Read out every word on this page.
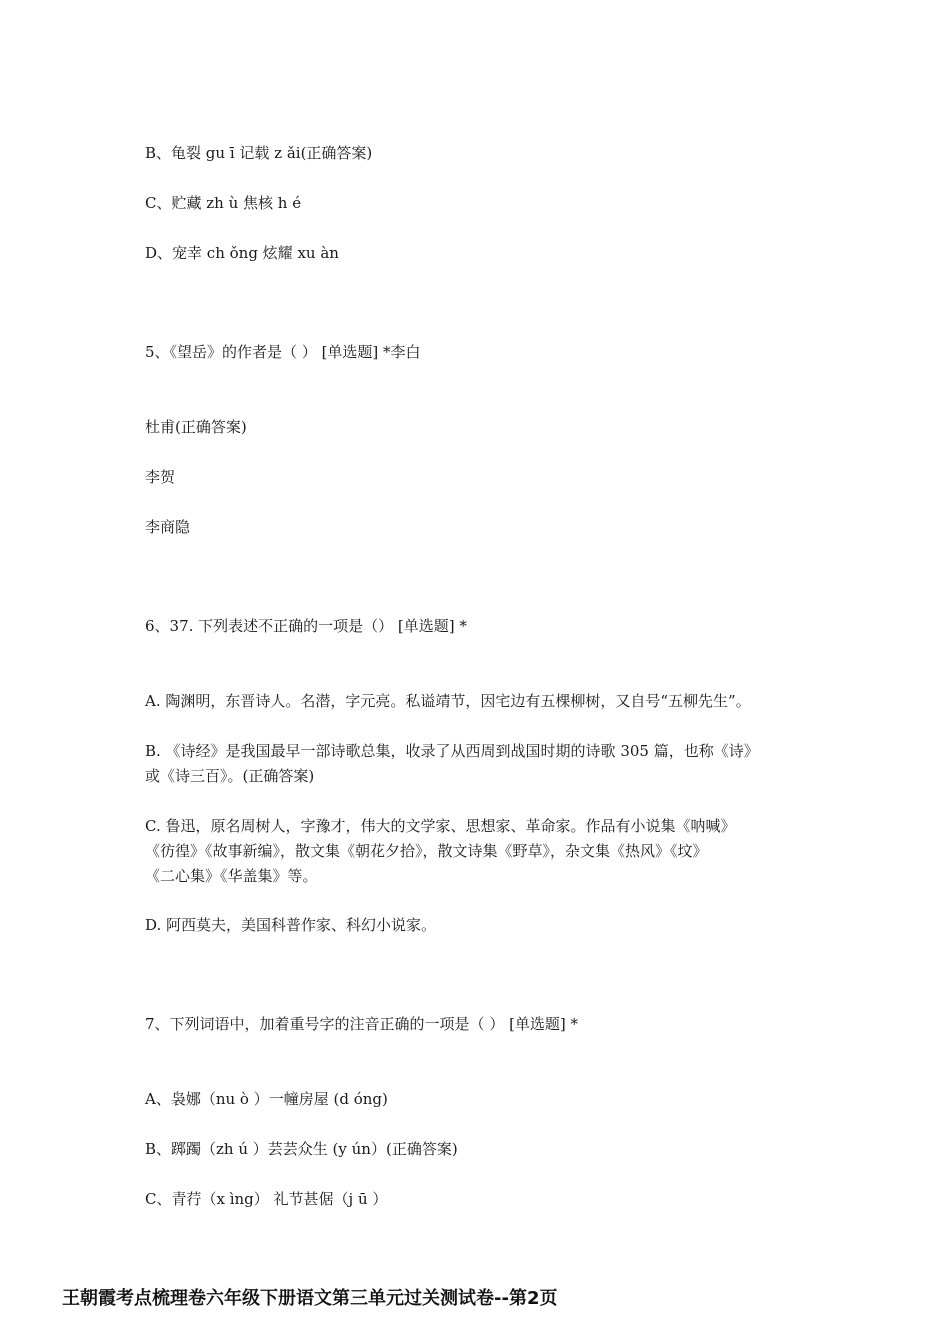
B、龟裂 gu ī 记载 z ǎi(正确答案)
C、贮藏 zh ù 焦核 h é
D、宠幸 ch ǒng 炫耀 xu àn
5、《望岳》的作者是（ ） [单选题] *李白
杜甫(正确答案)
李贺
李商隐
6、37. 下列表述不正确的一项是（） [单选题] *
A. 陶渊明，东晋诗人。名潜，字元亮。私谥靖节，因宅边有五棵柳树，又自号“五柳先生”。
B. 《诗经》是我国最早一部诗歌总集，收录了从西周到战国时期的诗歌 305 篇，也称《诗》
或《诗三百》。(正确答案)
C. 鲁迅，原名周树人，字豫才，伟大的文学家、思想家、革命家。作品有小说集《呐喊》
《彷徨》《故事新编》，散文集《朝花夕拾》，散文诗集《野草》，杂文集《热风》《坟》
《二心集》《华盖集》等。
D. 阿西莫夫，美国科普作家、科幻小说家。
7、下列词语中，加着重号字的注音正确的一项是（ ） [单选题] *
A、袅娜（nu ò ）一幢房屋 (d óng)
B、踯躅（zh ú ）芸芸众生 (y ún）(正确答案)
C、青荇（x ìng） 礼节甚倨（j ū ）
王朝霞考点梳理卷六年级下册语文第三单元过关测试卷--第2页
